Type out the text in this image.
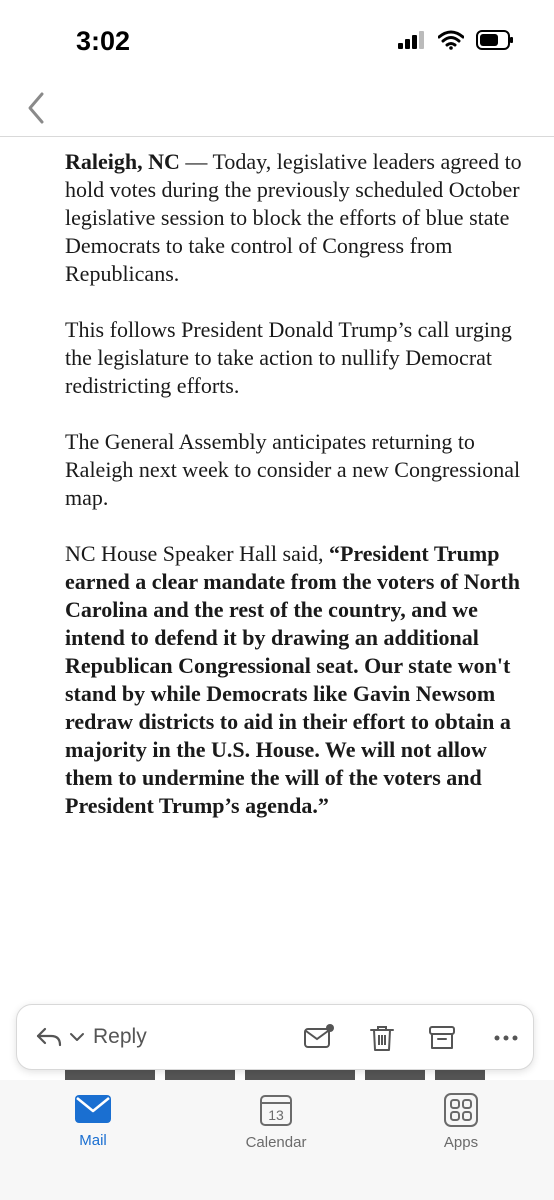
3:02

Raleigh, NC — Today, legislative leaders agreed to hold votes during the previously scheduled October legislative session to block the efforts of blue state Democrats to take control of Congress from Republicans.

This follows President Donald Trump’s call urging the legislature to take action to nullify Democrat redistricting efforts.

The General Assembly anticipates returning to Raleigh next week to consider a new Congressional map.

NC House Speaker Hall said, “President Trump earned a clear mandate from the voters of North Carolina and the rest of the country, and we intend to defend it by drawing an additional Republican Congressional seat. Our state won't stand by while Democrats like Gavin Newsom redraw districts to aid in their effort to obtain a majority in the U.S. House. We will not allow them to undermine the will of the voters and President Trump’s agenda.”

Reply
Mail
13
Calendar	Apps
